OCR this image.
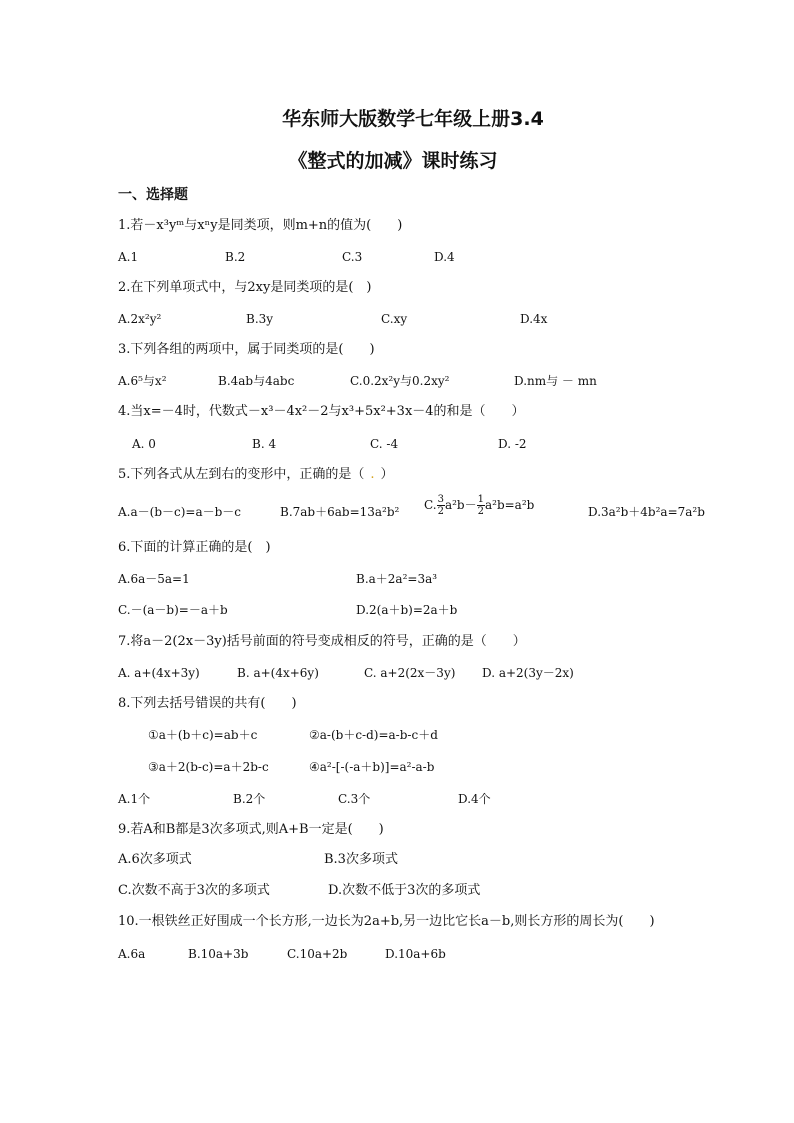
华东师大版数学七年级上册3.4
《整式的加减》课时练习
一、选择题
1.若－x³yᵐ与xⁿy是同类项，则m+n的值为(　　)
A.1	B.2	C.3	D.4
2.在下列单项式中，与2xy是同类项的是(　)
A.2x²y²	B.3y	C.xy	D.4x
3.下列各组的两项中，属于同类项的是(　　)
A.6⁵与x²	B.4ab与4abc	C.0.2x²y与0.2xy²	D.nm与 － mn
4.当x=－4时，代数式－x³－4x²－2与x³+5x²+3x－4的和是（　　）
A. 0	B. 4	C. -4	D. -2
5.下列各式从左到右的变形中，正确的是（ . ）
A.a－(b－c)=a－b－c	B.7ab＋6ab=13a²b² C. $\frac{3}{2} a^2b- \frac{1}{2} a^2b=a^2b$	D.3a²b＋4b²a=7a²b
6.下面的计算正确的是(　)
A.6a－5a=1	B.a＋2a²=3a³
C.－(a－b)=－a＋b	D.2(a＋b)=2a＋b
7.将a－2(2x－3y)括号前面的符号变成相反的符号，正确的是（　　）
A. a+(4x+3y)	B. a+(4x+6y)	C. a+2(2x－3y) D. a+2(3y－2x)
8.下列去括号错误的共有(　　)
①a＋(b＋c)=ab＋c	②a-(b＋c-d)=a-b-c＋d
③a＋2(b-c)=a＋2b-c	④a²-[-(-a＋b)]=a²-a-b
A.1个	B.2个	C.3个	D.4个
9.若A和B都是3次多项式,则A+B一定是(　　)
A.6次多项式	B.3次多项式
C.次数不高于3次的多项式	D.次数不低于3次的多项式
10.一根铁丝正好围成一个长方形,一边长为2a+b,另一边比它长a－b,则长方形的周长为(　　)
A.6a	B.10a+3b	C.10a+2b	D.10a+6b
